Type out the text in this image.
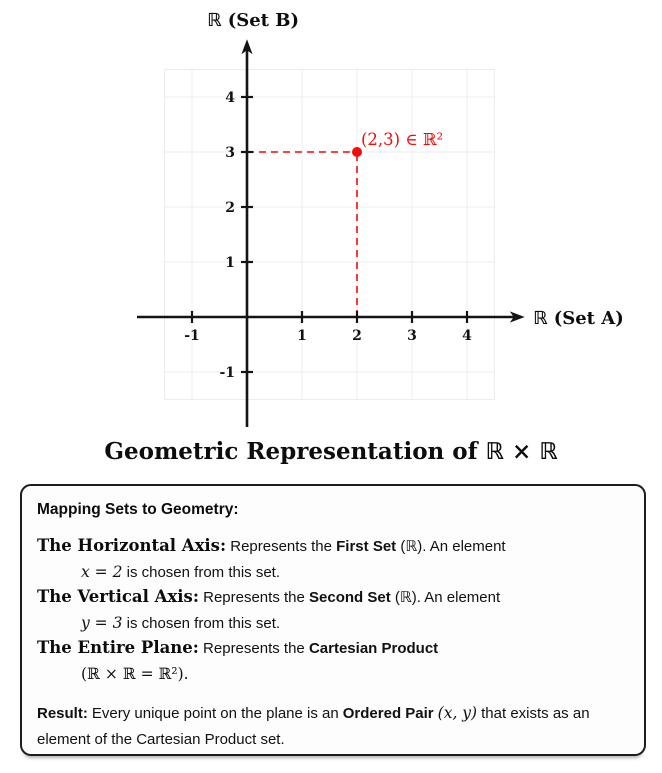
-1	1	2	3	4
-1
1
2
3
4
ℝ (Set B)
ℝ (Set A)
(2,3) ∈ ℝ²
Geometric Representation of ℝ × ℝ
Mapping Sets to Geometry:
The Horizontal Axis: Represents the First Set (ℝ). An element
x = 2 is chosen from this set.
The Vertical Axis: Represents the Second Set (ℝ). An element
y = 3 is chosen from this set.
The Entire Plane: Represents the Cartesian Product
(ℝ × ℝ = ℝ²).
Result: Every unique point on the plane is an Ordered Pair (x, y) that exists as an element of the Cartesian Product set.
